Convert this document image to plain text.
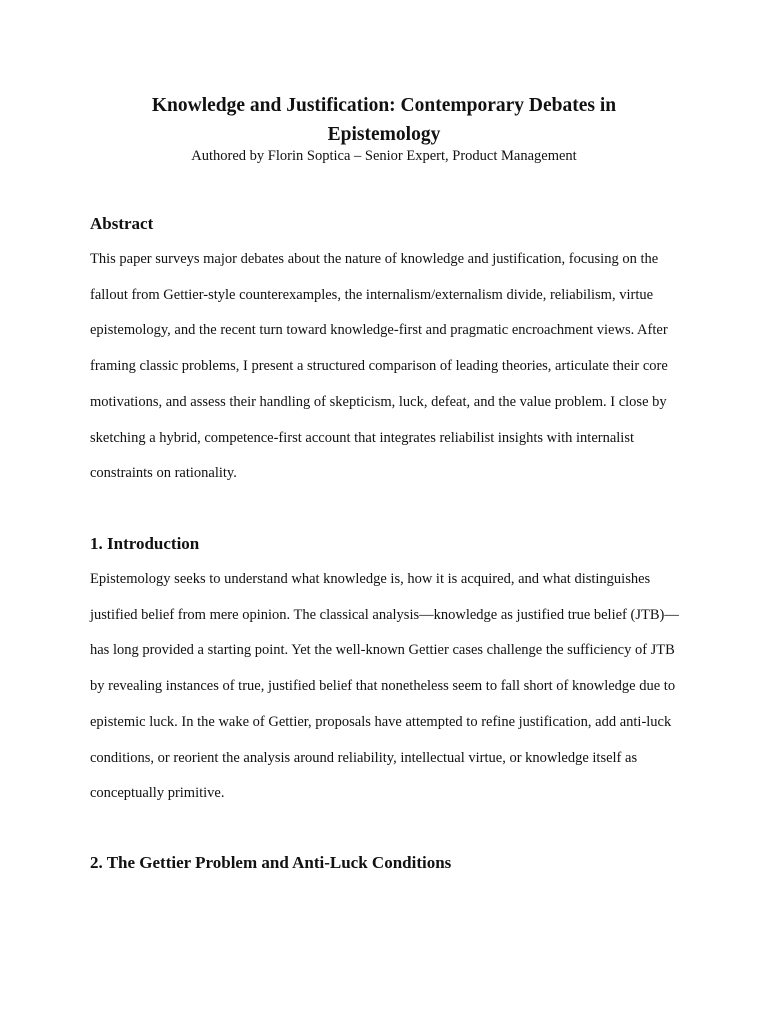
Knowledge and Justification: Contemporary Debates in Epistemology

Authored by Florin Soptica – Senior Expert, Product Management

Abstract

This paper surveys major debates about the nature of knowledge and justification, focusing on the fallout from Gettier-style counterexamples, the internalism/externalism divide, reliabilism, virtue epistemology, and the recent turn toward knowledge-first and pragmatic encroachment views. After framing classic problems, I present a structured comparison of leading theories, articulate their core motivations, and assess their handling of skepticism, luck, defeat, and the value problem. I close by sketching a hybrid, competence-first account that integrates reliabilist insights with internalist constraints on rationality.

1. Introduction

Epistemology seeks to understand what knowledge is, how it is acquired, and what distinguishes justified belief from mere opinion. The classical analysis—knowledge as justified true belief (JTB)—has long provided a starting point. Yet the well-known Gettier cases challenge the sufficiency of JTB by revealing instances of true, justified belief that nonetheless seem to fall short of knowledge due to epistemic luck. In the wake of Gettier, proposals have attempted to refine justification, add anti-luck conditions, or reorient the analysis around reliability, intellectual virtue, or knowledge itself as conceptually primitive.

2. The Gettier Problem and Anti-Luck Conditions
